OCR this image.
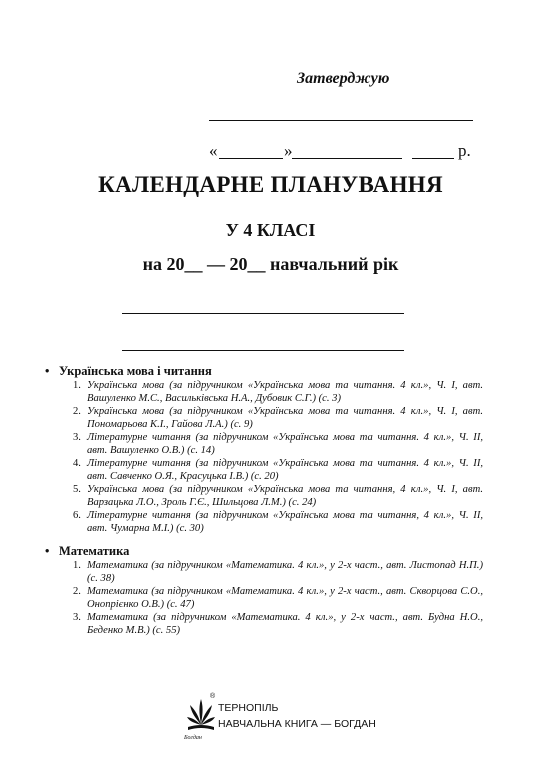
Затверджую
«	»	р.
КАЛЕНДАРНЕ ПЛАНУВАННЯ
У 4 КЛАСІ
на 20__ — 20__ навчальний рік
• Українська мова і читання
1. Українська мова (за підручником «Українська мова та читання. 4 кл.», Ч. І, авт. Вашуленко М.С., Васильківська Н.А., Дубовик С.Г.) (с. 3)
2. Українська мова (за підручником «Українська мова та читання. 4 кл.», Ч. І, авт. Пономарьова К.І., Гайова Л.А.) (с. 9)
3. Літературне читання (за підручником «Українська мова та читання. 4 кл.», Ч. ІІ, авт. Вашуленко О.В.) (с. 14)
4. Літературне читання (за підручником «Українська мова та читання. 4 кл.», Ч. ІІ, авт. Савченко О.Я., Красуцька І.В.) (с. 20)
5. Українська мова (за підручником «Українська мова та читання, 4 кл.», Ч. І, авт. Варзацька Л.О., Зроль Г.Є., Шильцова Л.М.) (с. 24)
6. Літературне читання (за підручником «Українська мова та читання, 4 кл.», Ч. ІІ, авт. Чумарна М.І.) (с. 30)
• Математика
1. Математика (за підручником «Математика. 4 кл.», у 2-х част., авт. Листопад Н.П.) (с. 38)
2. Математика (за підручником «Математика. 4 кл.», у 2-х част., авт. Скворцова С.О., Онопрієнко О.В.) (с. 47)
3. Математика (за підручником «Математика. 4 кл.», у 2-х част., авт. Будна Н.О., Беденко М.В.) (с. 55)
Богдан
®
ТЕРНОПІЛЬ
НАВЧАЛЬНА КНИГА — БОГДАН
